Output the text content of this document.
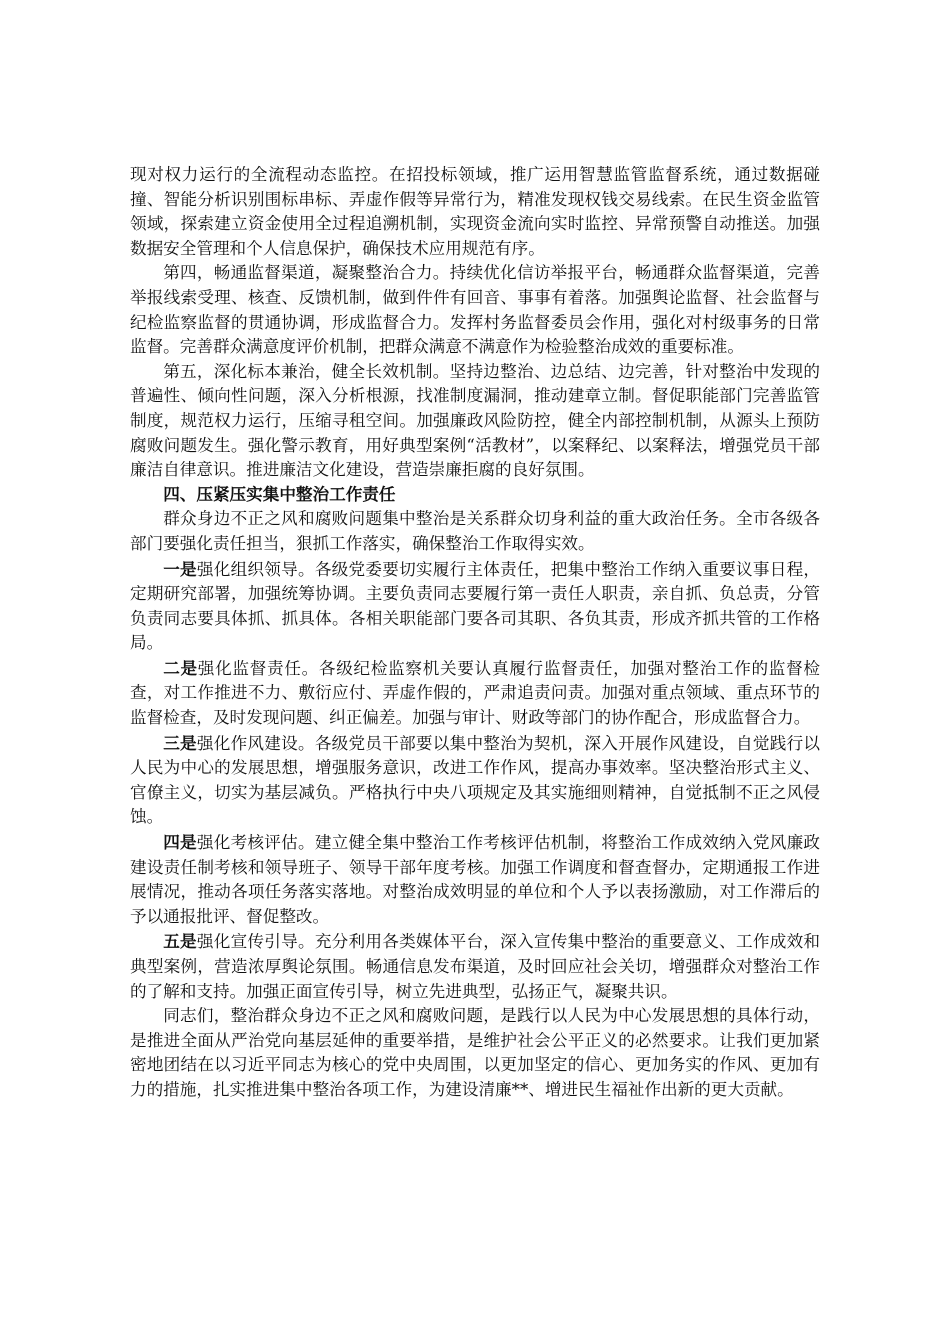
现对权力运行的全流程动态监控。在招投标领域，推广运用智慧监管监督系统，通过数据碰撞、智能分析识别围标串标、弄虚作假等异常行为，精准发现权钱交易线索。在民生资金监管领域，探索建立资金使用全过程追溯机制，实现资金流向实时监控、异常预警自动推送。加强数据安全管理和个人信息保护，确保技术应用规范有序。

第四，畅通监督渠道，凝聚整治合力。持续优化信访举报平台，畅通群众监督渠道，完善举报线索受理、核查、反馈机制，做到件件有回音、事事有着落。加强舆论监督、社会监督与纪检监察监督的贯通协调，形成监督合力。发挥村务监督委员会作用，强化对村级事务的日常监督。完善群众满意度评价机制，把群众满意不满意作为检验整治成效的重要标准。

第五，深化标本兼治，健全长效机制。坚持边整治、边总结、边完善，针对整治中发现的普遍性、倾向性问题，深入分析根源，找准制度漏洞，推动建章立制。督促职能部门完善监管制度，规范权力运行，压缩寻租空间。加强廉政风险防控，健全内部控制机制，从源头上预防腐败问题发生。强化警示教育，用好典型案例“活教材”，以案释纪、以案释法，增强党员干部廉洁自律意识。推进廉洁文化建设，营造崇廉拒腐的良好氛围。

四、压紧压实集中整治工作责任

群众身边不正之风和腐败问题集中整治是关系群众切身利益的重大政治任务。全市各级各部门要强化责任担当，狠抓工作落实，确保整治工作取得实效。

一是强化组织领导。各级党委要切实履行主体责任，把集中整治工作纳入重要议事日程，定期研究部署，加强统筹协调。主要负责同志要履行第一责任人职责，亲自抓、负总责，分管负责同志要具体抓、抓具体。各相关职能部门要各司其职、各负其责，形成齐抓共管的工作格局。

二是强化监督责任。各级纪检监察机关要认真履行监督责任，加强对整治工作的监督检查，对工作推进不力、敷衍应付、弄虚作假的，严肃追责问责。加强对重点领域、重点环节的监督检查，及时发现问题、纠正偏差。加强与审计、财政等部门的协作配合，形成监督合力。

三是强化作风建设。各级党员干部要以集中整治为契机，深入开展作风建设，自觉践行以人民为中心的发展思想，增强服务意识，改进工作作风，提高办事效率。坚决整治形式主义、官僚主义，切实为基层减负。严格执行中央八项规定及其实施细则精神，自觉抵制不正之风侵蚀。

四是强化考核评估。建立健全集中整治工作考核评估机制，将整治工作成效纳入党风廉政建设责任制考核和领导班子、领导干部年度考核。加强工作调度和督查督办，定期通报工作进展情况，推动各项任务落实落地。对整治成效明显的单位和个人予以表扬激励，对工作滞后的予以通报批评、督促整改。

五是强化宣传引导。充分利用各类媒体平台，深入宣传集中整治的重要意义、工作成效和典型案例，营造浓厚舆论氛围。畅通信息发布渠道，及时回应社会关切，增强群众对整治工作的了解和支持。加强正面宣传引导，树立先进典型，弘扬正气，凝聚共识。

同志们，整治群众身边不正之风和腐败问题，是践行以人民为中心发展思想的具体行动，是推进全面从严治党向基层延伸的重要举措，是维护社会公平正义的必然要求。让我们更加紧密地团结在以习近平同志为核心的党中央周围，以更加坚定的信心、更加务实的作风、更加有力的措施，扎实推进集中整治各项工作，为建设清廉**、增进民生福祉作出新的更大贡献。
